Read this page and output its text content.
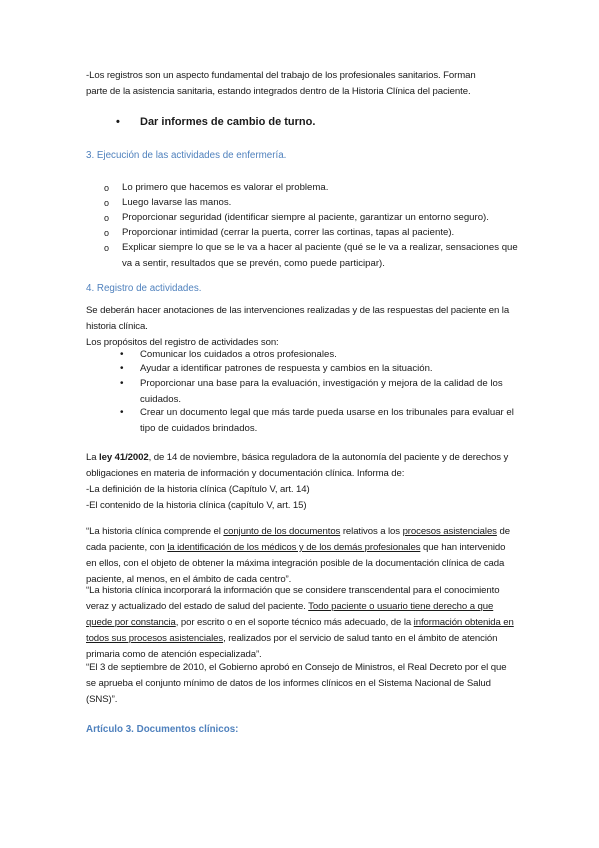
-Los registros son un aspecto fundamental del trabajo de los profesionales sanitarios. Forman
parte de la asistencia sanitaria, estando integrados dentro de la Historia Clínica del paciente.
• Dar informes de cambio de turno.
3. Ejecución de las actividades de enfermería.
o Lo primero que hacemos es valorar el problema.
o Luego lavarse las manos.
o Proporcionar seguridad (identificar siempre al paciente, garantizar un entorno seguro).
o Proporcionar intimidad (cerrar la puerta, correr las cortinas, tapas al paciente).
o Explicar siempre lo que se le va a hacer al paciente (qué se le va a realizar, sensaciones que va a sentir, resultados que se prevén, como puede participar).
4. Registro de actividades.
Se deberán hacer anotaciones de las intervenciones realizadas y de las respuestas del paciente en la historia clínica.
Los propósitos del registro de actividades son:
• Comunicar los cuidados a otros profesionales.
• Ayudar a identificar patrones de respuesta y cambios en la situación.
• Proporcionar una base para la evaluación, investigación y mejora de la calidad de los cuidados.
• Crear un documento legal que más tarde pueda usarse en los tribunales para evaluar el tipo de cuidados brindados.
La ley 41/2002, de 14 de noviembre, básica reguladora de la autonomía del paciente y de derechos y obligaciones en materia de información y documentación clínica. Informa de:
-La definición de la historia clínica (Capítulo V, art. 14)
-El contenido de la historia clínica (capítulo V, art. 15)
“La historia clínica comprende el conjunto de los documentos relativos a los procesos asistenciales de cada paciente, con la identificación de los médicos y de los demás profesionales que han intervenido en ellos, con el objeto de obtener la máxima integración posible de la documentación clínica de cada paciente, al menos, en el ámbito de cada centro”.
“La historia clínica incorporará la información que se considere transcendental para el conocimiento veraz y actualizado del estado de salud del paciente. Todo paciente o usuario tiene derecho a que quede por constancia, por escrito o en el soporte técnico más adecuado, de la información obtenida en todos sus procesos asistenciales, realizados por el servicio de salud tanto en el ámbito de atención primaria como de atención especializada”.
“El 3 de septiembre de 2010, el Gobierno aprobó en Consejo de Ministros, el Real Decreto por el que se aprueba el conjunto mínimo de datos de los informes clínicos en el Sistema Nacional de Salud (SNS)”.
Artículo 3. Documentos clínicos:
